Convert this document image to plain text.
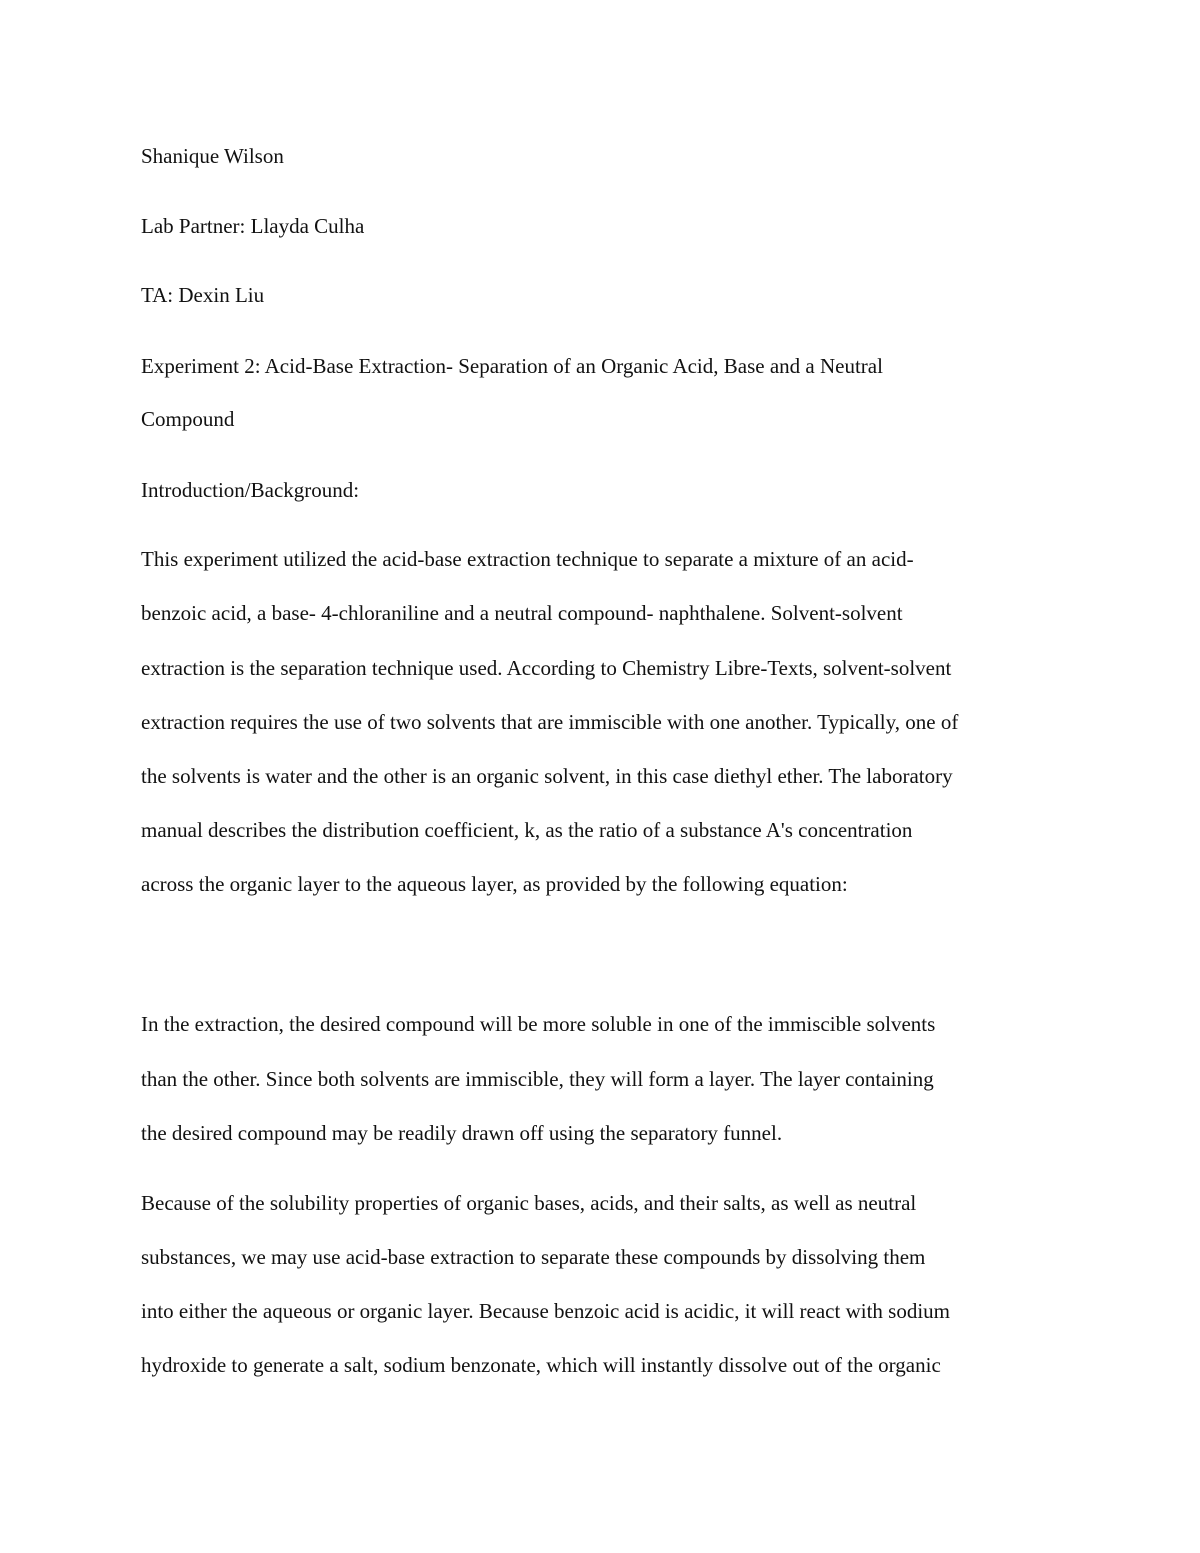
Shanique Wilson

Lab Partner: Llayda Culha

TA: Dexin Liu

Experiment 2: Acid-Base Extraction- Separation of an Organic Acid, Base and a Neutral

Compound

Introduction/Background:

This experiment utilized the acid-base extraction technique to separate a mixture of an acid-

benzoic acid, a base- 4-chloraniline and a neutral compound- naphthalene. Solvent-solvent

extraction is the separation technique used. According to Chemistry Libre-Texts, solvent-solvent

extraction requires the use of two solvents that are immiscible with one another. Typically, one of

the solvents is water and the other is an organic solvent, in this case diethyl ether. The laboratory

manual describes the distribution coefficient, k, as the ratio of a substance A's concentration

across the organic layer to the aqueous layer, as provided by the following equation:

In the extraction, the desired compound will be more soluble in one of the immiscible solvents

than the other. Since both solvents are immiscible, they will form a layer. The layer containing

the desired compound may be readily drawn off using the separatory funnel.

Because of the solubility properties of organic bases, acids, and their salts, as well as neutral

substances, we may use acid-base extraction to separate these compounds by dissolving them

into either the aqueous or organic layer. Because benzoic acid is acidic, it will react with sodium

hydroxide to generate a salt, sodium benzonate, which will instantly dissolve out of the organic
